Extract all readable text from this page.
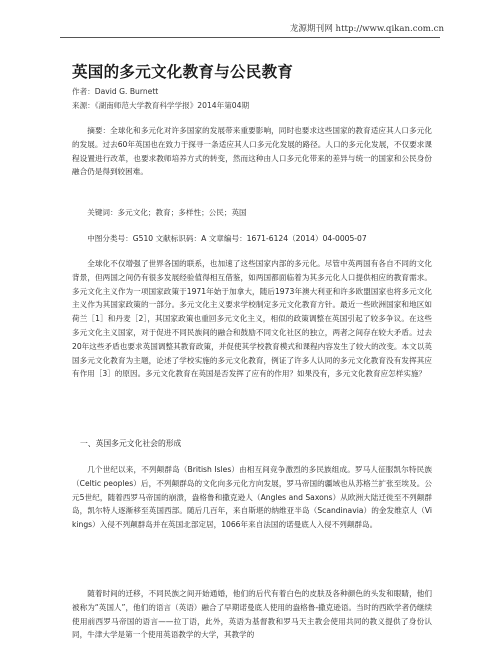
龙源期刊网 http://www.qikan.com.cn
英国的多元文化教育与公民教育
作者：David G. Burnett
来源：《湖南师范大学教育科学学报》2014年第04期

摘要：全球化和多元化对许多国家的发展带来重要影响，同时也要求这些国家的教育适应其人口多元化的发展。过去60年英国也在致力于探寻一条适应其人口多元化发展的路径。人口的多元化发展，不仅要求课程设置进行改革，也要求教师培养方式的转变，然而这种由人口多元化带来的差异与统一的国家和公民身份融合仍是得到较困难。

关键词：多元文化；教育；多样性；公民；英国

中图分类号：G510 文献标识码：A 文章编号：1671-6124（2014）04-0005-07

全球化不仅增强了世界各国的联系，也加速了这些国家内部的多元化。尽管中英两国有各自不同的文化背景，但两国之间仍有很多发展经验值得相互借鉴，如两国都面临着为其多元化人口提供相应的教育需求。多元文化主义作为一项国家政策于1971年始于加拿大，随后1973年澳大利亚和许多欧盟国家也将多元文化主义作为其国家政策的一部分。多元文化主义要求学校制定多元文化教育方针。最近一些欧洲国家和地区如荷兰［1］和丹麦［2］，其国家政策也重回多元文化主义，相似的政策调整在英国引起了较多争议。在这些多元文化主义国家，对于促进不同民族间的融合和鼓励不同文化社区的独立，两者之间存在较大矛盾。过去20年这些矛盾也要求英国调整其教育政策，并促使其学校教育模式和课程内容发生了较大的改变。本文以英国多元文化教育为主题，论述了学校实施的多元文化教育，例证了许多人认同的多元文化教育没有发挥其应有作用［3］的原因。多元文化教育在英国是否发挥了应有的作用？如果没有，多元文化教育应怎样实施？

一、英国多元文化社会的形成

几个世纪以来，不列颠群岛（British Isles）由相互间竞争激烈的多民族组成。罗马人征服凯尔特民族（Celtic peoples）后，不列颠群岛的文化向多元化方向发展，罗马帝国的疆域也从苏格兰扩张至埃及。公元5世纪，随着西罗马帝国的崩溃，盎格鲁和撒克逊人（Angles and Saxons）从欧洲大陆迁徙至不列颠群岛，凯尔特人逐渐移至英国西部。随后几百年，来自斯堪的纳维亚半岛（Scandinavia）的金发维京人（Vikings）入侵不列颠群岛并在英国北部定居，1066年来自法国的诺曼底人入侵不列颠群岛。

随着时间的迁移，不同民族之间开始通婚，他们的后代有着白色的皮肤及各种颜色的头发和眼睛，他们被称为“英国人”，他们的语言（英语）融合了早期诺曼底人使用的盎格鲁-撒克逊语。当时的西欧学者仍继续使用前西罗马帝国的语言——拉丁语，此外，英语为基督教和罗马天主教会使用共同的教义提供了身份认同，牛津大学是第一个使用英语教学的大学，其教学的
